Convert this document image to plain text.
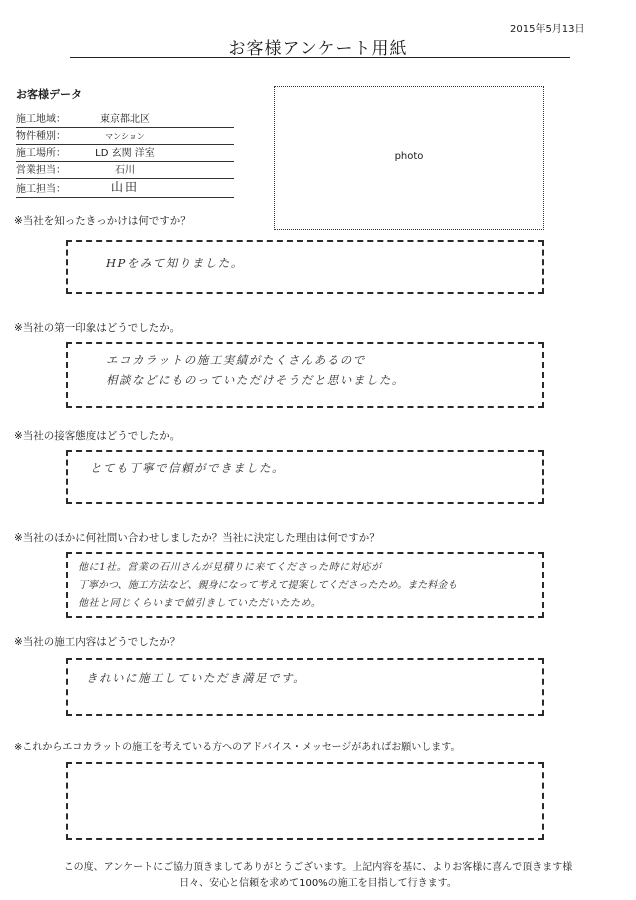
2015年5月13日
お客様アンケート用紙
お客様データ
施工地域：	東京都北区
物件種別：	マンション
施工場所：	LD 玄関 洋室
営業担当：	石川
施工担当：	山田
photo
※当社を知ったきっかけは何ですか？
HPをみて知りました。
※当社の第一印象はどうでしたか。
エコカラットの施工実績がたくさんあるので
相談などにものっていただけそうだと思いました。
※当社の接客態度はどうでしたか。
とても丁寧で信頼ができました。
※当社のほかに何社問い合わせしましたか？当社に決定した理由は何ですか？
他に1社。営業の石川さんが見積りに来てくださった時に対応が
丁寧かつ、施工方法など、親身になって考えて提案してくださったため。また料金も
他社と同じくらいまで値引きしていただいたため。
※当社の施工内容はどうでしたか？
きれいに施工していただき満足です。
※これからエコカラットの施工を考えている方へのアドバイス・メッセージがあればお願いします。
この度、アンケートにご協力頂きましてありがとうございます。上記内容を基に、よりお客様に喜んで頂きます様
日々、安心と信頼を求めて100%の施工を目指して行きます。
